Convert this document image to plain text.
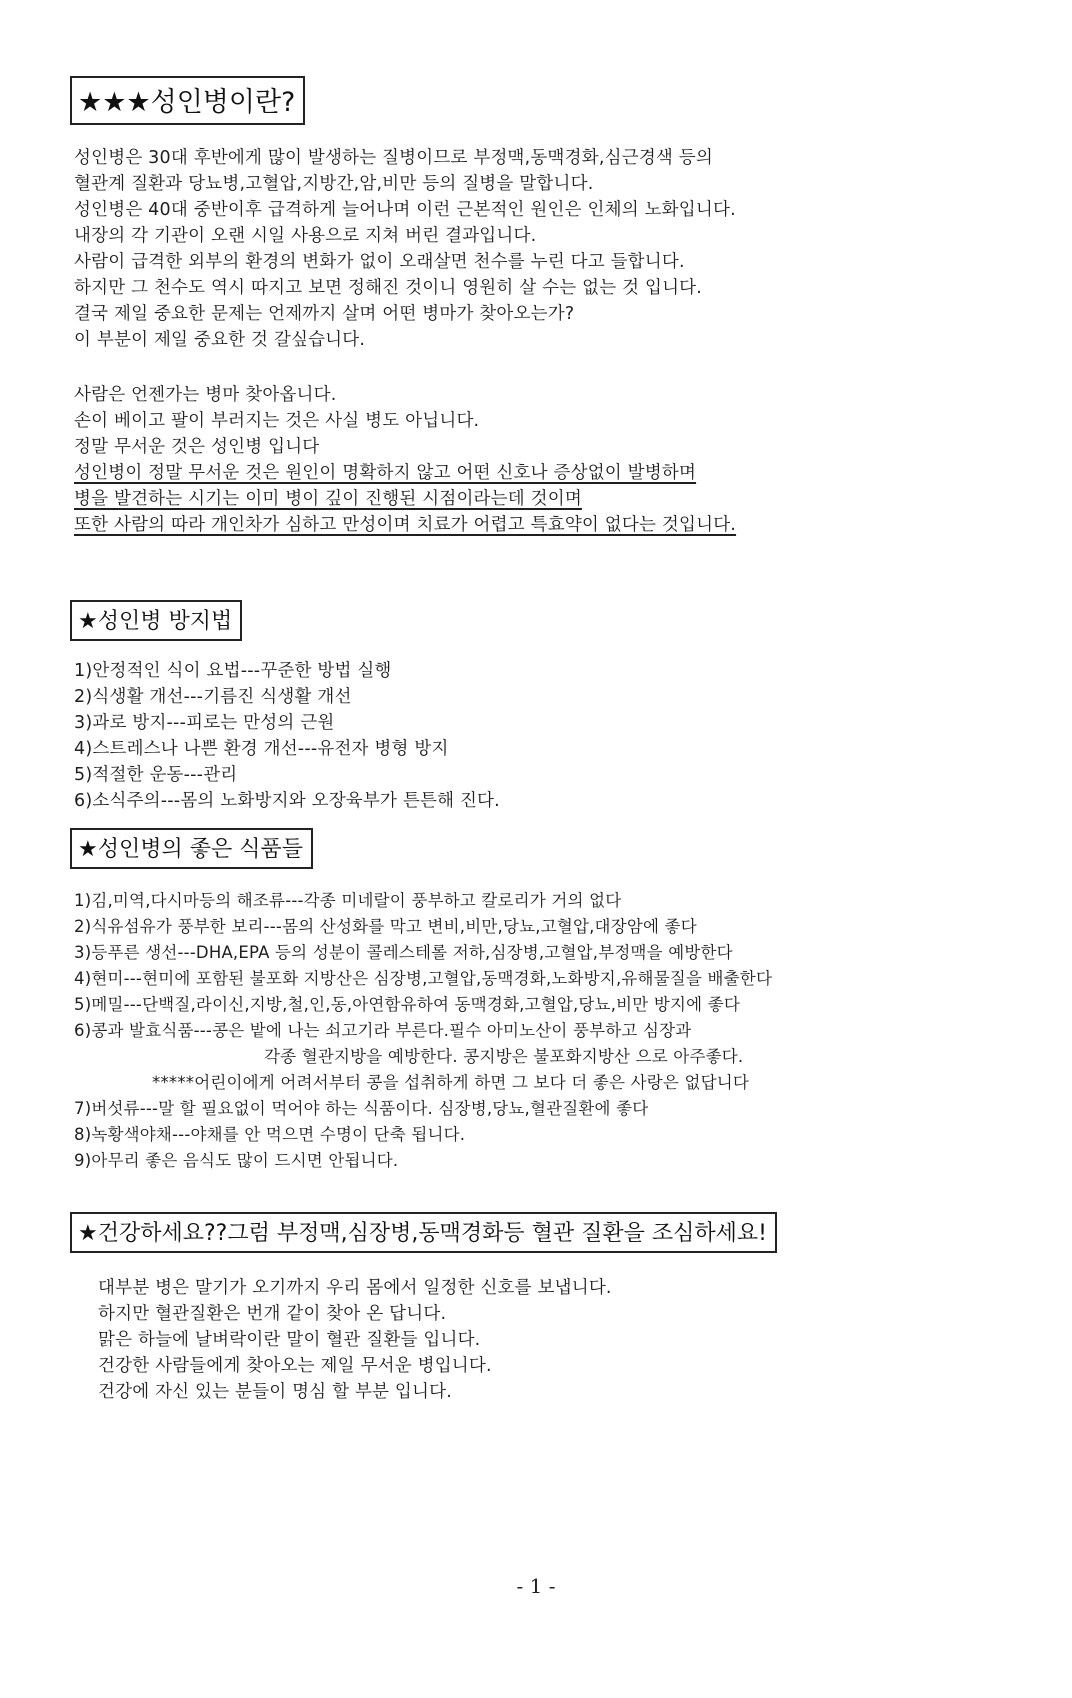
★★★성인병이란?
성인병은 30대 후반에게 많이 발생하는 질병이므로 부정맥,동맥경화,심근경색 등의
혈관계 질환과 당뇨병,고혈압,지방간,암,비만 등의 질병을 말합니다.
성인병은 40대 중반이후 급격하게 늘어나며 이런 근본적인 원인은 인체의 노화입니다.
내장의 각 기관이 오랜 시일 사용으로 지쳐 버린 결과입니다.
사람이 급격한 외부의 환경의 변화가 없이 오래살면 천수를 누린 다고 들합니다.
하지만 그 천수도 역시 따지고 보면 정해진 것이니 영원히 살 수는 없는 것 입니다.
결국 제일 중요한 문제는 언제까지 살며 어떤 병마가 찾아오는가?
이 부분이 제일 중요한 것 갈싶습니다.
사람은 언젠가는 병마 찾아옵니다.
손이 베이고 팔이 부러지는 것은 사실 병도 아닙니다.
정말 무서운 것은 성인병 입니다
성인병이 정말 무서운 것은 원인이 명확하지 않고 어떤 신호나 증상없이 발병하며
병을 발견하는 시기는 이미 병이 깊이 진행된 시점이라는데 것이며
또한 사람의 따라 개인차가 심하고 만성이며 치료가 어렵고 특효약이 없다는 것입니다.
★성인병 방지법
1)안정적인 식이 요법---꾸준한 방법 실행
2)식생활 개선---기름진 식생활 개선
3)과로 방지---피로는 만성의 근원
4)스트레스나 나쁜 환경 개선---유전자 병형 방지
5)적절한 운동---관리
6)소식주의---몸의 노화방지와 오장육부가 튼튼해 진다.
★성인병의 좋은 식품들
1)김,미역,다시마등의 해조류---각종 미네랄이 풍부하고 칼로리가 거의 없다
2)식유섬유가 풍부한 보리---몸의 산성화를 막고 변비,비만,당뇨,고혈압,대장암에 좋다
3)등푸른 생선---DHA,EPA 등의 성분이 콜레스테롤 저하,심장병,고혈압,부정맥을 예방한다
4)현미---현미에 포함된 불포화 지방산은 심장병,고혈압,동맥경화,노화방지,유해물질을 배출한다
5)메밀---단백질,라이신,지방,철,인,동,아연함유하여 동맥경화,고혈압,당뇨,비만 방지에 좋다
6)콩과 발효식품---콩은 밭에 나는 쇠고기라 부른다.필수 아미노산이 풍부하고 심장과
각종 혈관지방을 예방한다. 콩지방은 불포화지방산 으로 아주좋다.
*****어린이에게 어려서부터 콩을 섭취하게 하면 그 보다 더 좋은 사랑은 없답니다
7)버섯류---말 할 필요없이 먹어야 하는 식품이다. 심장병,당뇨,혈관질환에 좋다
8)녹황색야채---야채를 안 먹으면 수명이 단축 됩니다.
9)아무리 좋은 음식도 많이 드시면 안됩니다.
★건강하세요??그럼 부정맥,심장병,동맥경화등 혈관 질환을 조심하세요!
대부분 병은 말기가 오기까지 우리 몸에서 일정한 신호를 보냅니다.
하지만 혈관질환은 번개 같이 찾아 온 답니다.
맑은 하늘에 날벼락이란 말이 혈관 질환들 입니다.
건강한 사람들에게 찾아오는 제일 무서운 병입니다.
건강에 자신 있는 분들이 명심 할 부분 입니다.
- 1 -
